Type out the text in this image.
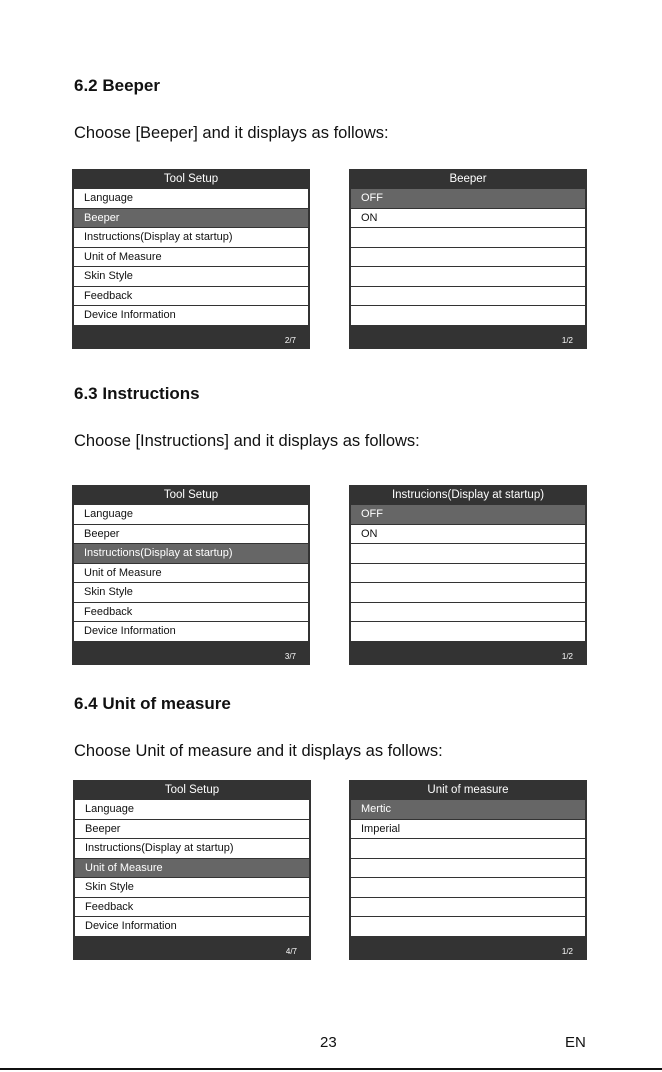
6.2 Beeper

Choose [Beeper] and it displays as follows:

Tool Setup
Language
Beeper
Instructions(Display at startup)
Unit of Measure
Skin Style
Feedback
Device Information
2/7
Beeper
OFF
ON
1/2
6.3 Instructions

Choose [Instructions] and it displays as follows:

Tool Setup
Language
Beeper
Instructions(Display at startup)
Unit of Measure
Skin Style
Feedback
Device Information
3/7
Instrucions(Display at startup)
OFF
ON
1/2
6.4 Unit of measure

Choose Unit of measure and it displays as follows:

Tool Setup
Language
Beeper
Instructions(Display at startup)
Unit of Measure
Skin Style
Feedback
Device Information
4/7
Unit of measure
Mertic
Imperial
1/2
23	EN
